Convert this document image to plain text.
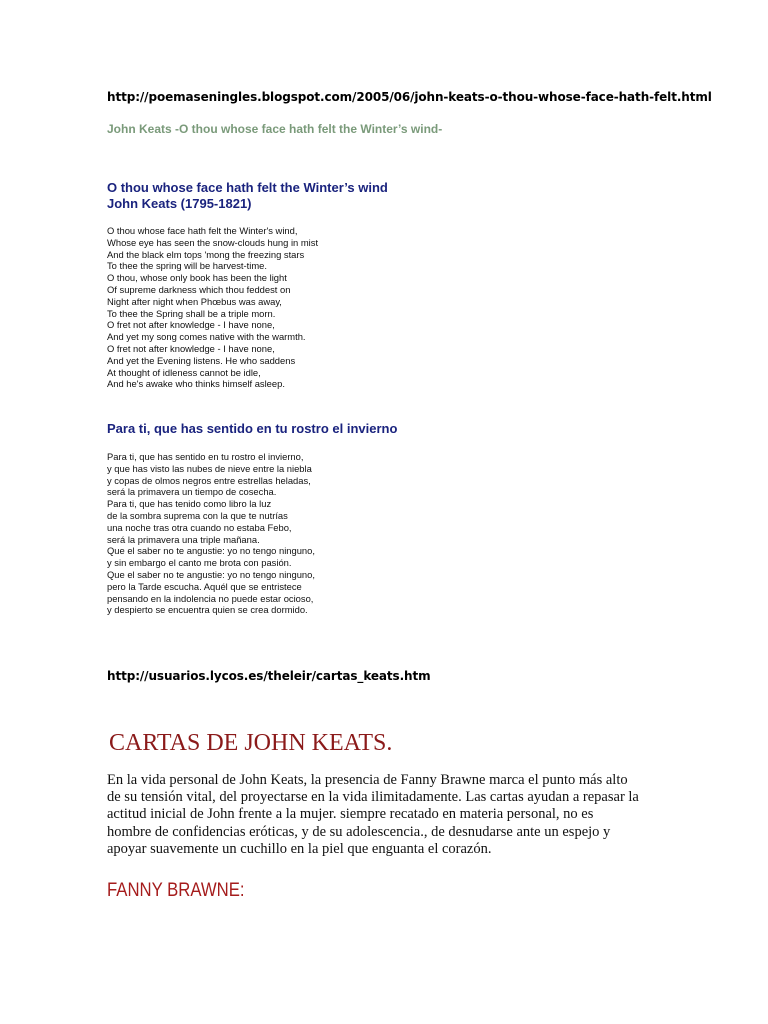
http://poemaseningles.blogspot.com/2005/06/john-keats-o-thou-whose-face-hath-felt.html
John Keats -O thou whose face hath felt the Winter’s wind-
O thou whose face hath felt the Winter’s wind
John Keats (1795-1821)
O thou whose face hath felt the Winter's wind,
Whose eye has seen the snow-clouds hung in mist
And the black elm tops 'mong the freezing stars
To thee the spring will be harvest-time.
O thou, whose only book has been the light
Of supreme darkness which thou feddest on
Night after night when Phœbus was away,
To thee the Spring shall be a triple morn.
O fret not after knowledge - I have none,
And yet my song comes native with the warmth.
O fret not after knowledge - I have none,
And yet the Evening listens. He who saddens
At thought of idleness cannot be idle,
And he's awake who thinks himself asleep.
Para ti, que has sentido en tu rostro el invierno
Para ti, que has sentido en tu rostro el invierno,
y que has visto las nubes de nieve entre la niebla
y copas de olmos negros entre estrellas heladas,
será la primavera un tiempo de cosecha.
Para ti, que has tenido como libro la luz
de la sombra suprema con la que te nutrías
una noche tras otra cuando no estaba Febo,
será la primavera una triple mañana.
Que el saber no te angustie: yo no tengo ninguno,
y sin embargo el canto me brota con pasión.
Que el saber no te angustie: yo no tengo ninguno,
pero la Tarde escucha. Aquél que se entristece
pensando en la indolencia no puede estar ocioso,
y despierto se encuentra quien se crea dormido.
http://usuarios.lycos.es/theleir/cartas_keats.htm
CARTAS DE JOHN KEATS.
En la vida personal de John Keats, la presencia de Fanny Brawne marca el punto más alto
de su tensión vital, del proyectarse en la vida ilimitadamente. Las cartas ayudan a repasar la
actitud inicial de John frente a la mujer. siempre recatado en materia personal, no es
hombre de confidencias eróticas, y de su adolescencia., de desnudarse ante un espejo y
apoyar suavemente un cuchillo en la piel que enguanta el corazón.
FANNY BRAWNE:
